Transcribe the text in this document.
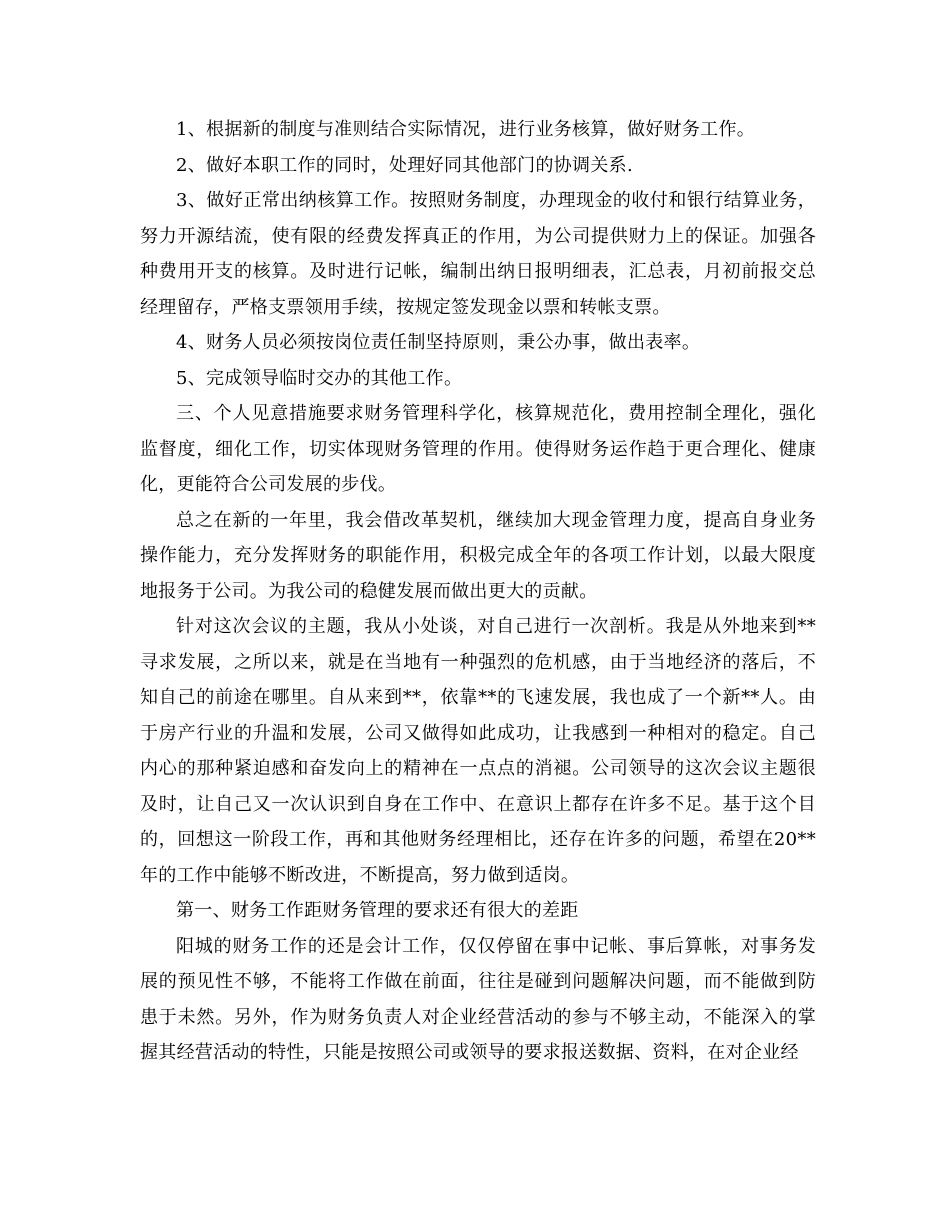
1、根据新的制度与准则结合实际情况，进行业务核算，做好财务工作。

2、做好本职工作的同时，处理好同其他部门的协调关系.

3、做好正常出纳核算工作。按照财务制度，办理现金的收付和银行结算业务，努力开源结流，使有限的经费发挥真正的作用，为公司提供财力上的保证。加强各种费用开支的核算。及时进行记帐，编制出纳日报明细表，汇总表，月初前报交总经理留存，严格支票领用手续，按规定签发现金以票和转帐支票。

4、财务人员必须按岗位责任制坚持原则，秉公办事，做出表率。

5、完成领导临时交办的其他工作。

三、个人见意措施要求财务管理科学化，核算规范化，费用控制全理化，强化监督度，细化工作，切实体现财务管理的作用。使得财务运作趋于更合理化、健康化，更能符合公司发展的步伐。

总之在新的一年里，我会借改革契机，继续加大现金管理力度，提高自身业务操作能力，充分发挥财务的职能作用，积极完成全年的各项工作计划，以最大限度地报务于公司。为我公司的稳健发展而做出更大的贡献。

针对这次会议的主题，我从小处谈，对自己进行一次剖析。我是从外地来到**寻求发展，之所以来，就是在当地有一种强烈的危机感，由于当地经济的落后，不知自己的前途在哪里。自从来到**，依靠**的飞速发展，我也成了一个新**人。由于房产行业的升温和发展，公司又做得如此成功，让我感到一种相对的稳定。自己内心的那种紧迫感和奋发向上的精神在一点点的消褪。公司领导的这次会议主题很及时，让自己又一次认识到自身在工作中、在意识上都存在许多不足。基于这个目的，回想这一阶段工作，再和其他财务经理相比，还存在许多的问题，希望在20**年的工作中能够不断改进，不断提高，努力做到适岗。

第一、财务工作距财务管理的要求还有很大的差距

阳城的财务工作的还是会计工作，仅仅停留在事中记帐、事后算帐，对事务发展的预见性不够，不能将工作做在前面，往往是碰到问题解决问题，而不能做到防患于未然。另外，作为财务负责人对企业经营活动的参与不够主动，不能深入的掌握其经营活动的特性，只能是按照公司或领导的要求报送数据、资料，在对企业经
